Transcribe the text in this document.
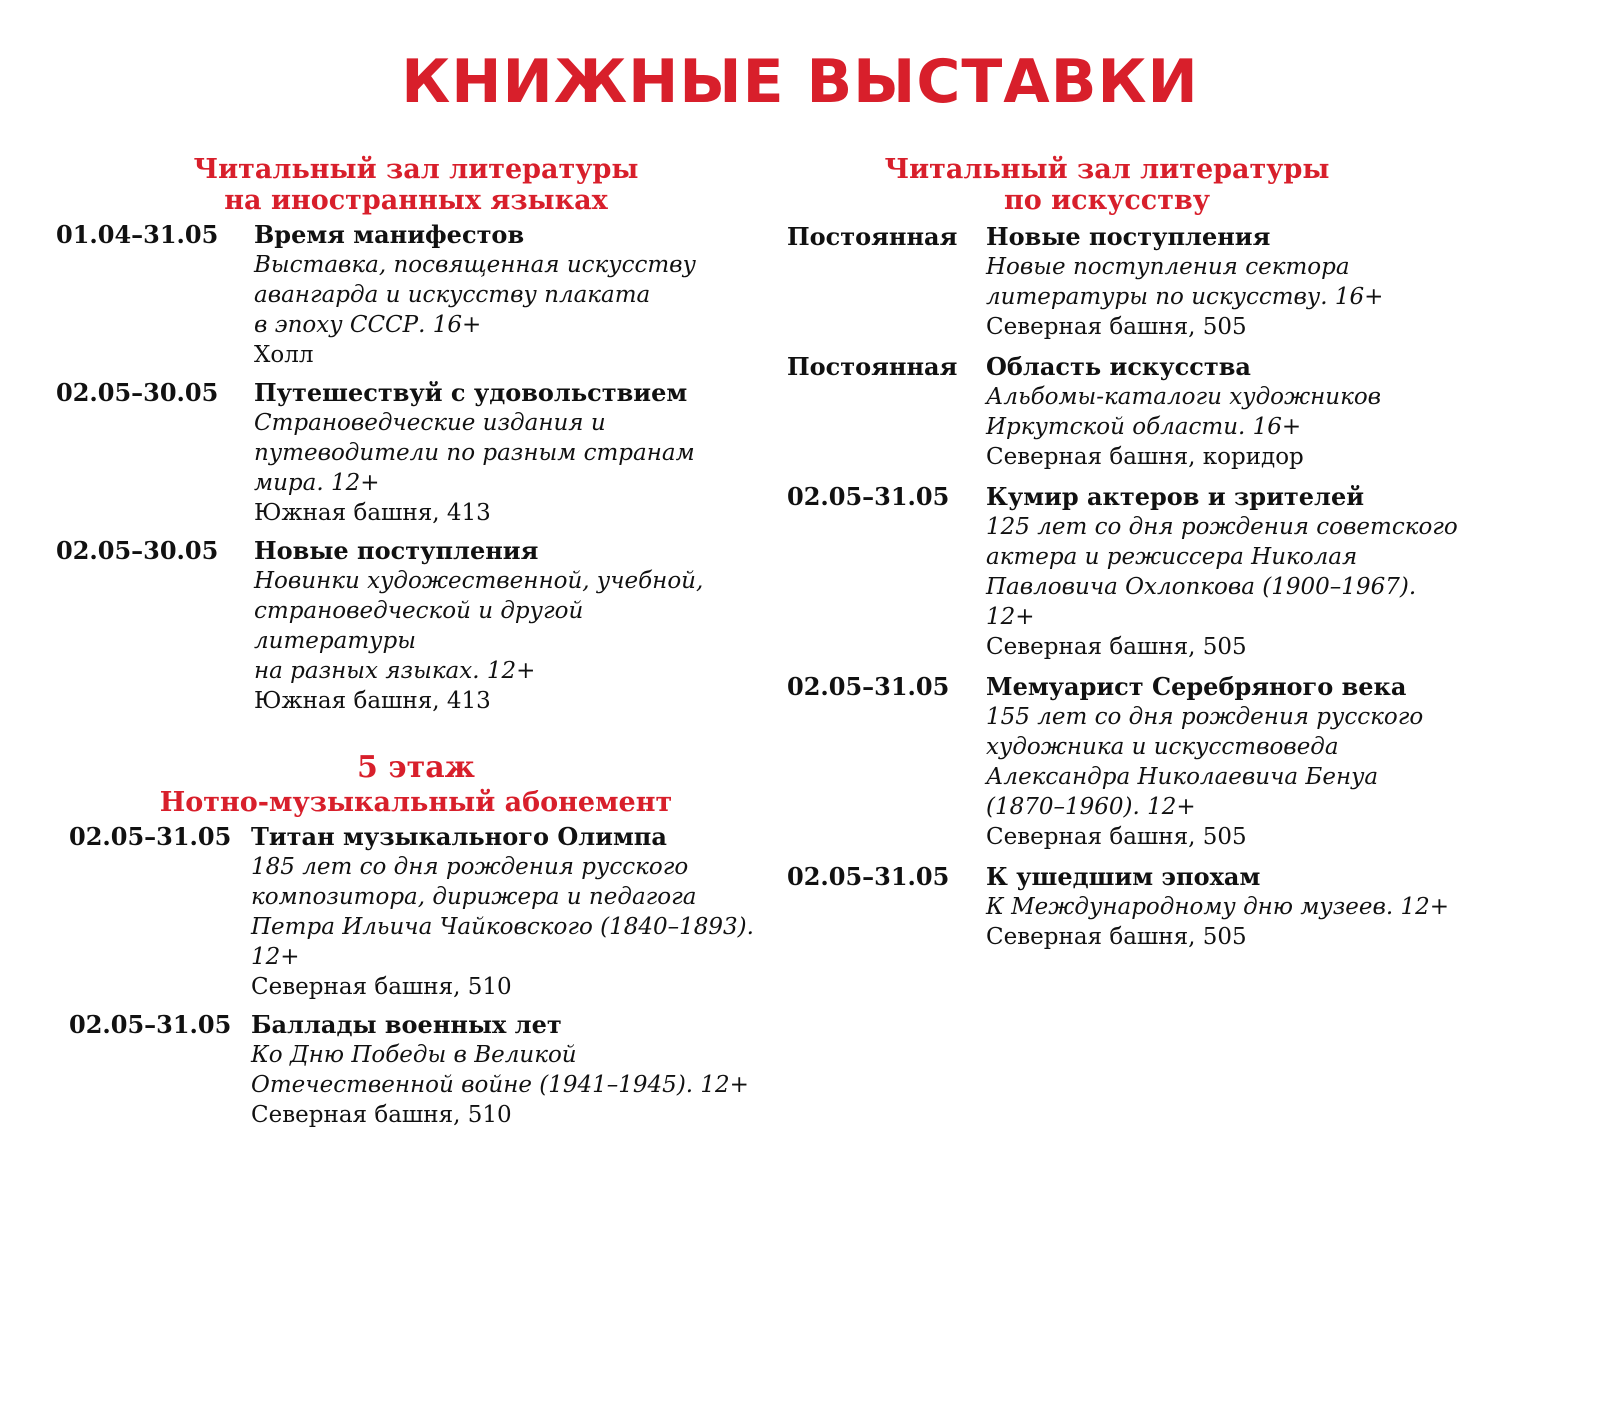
КНИЖНЫЕ ВЫСТАВКИ
Читальный зал литературы
на иностранных языках
01.04–31.05	Время манифестов
Выставка, посвященная искусству
авангарда и искусству плаката
в эпоху СССР. 16+
Холл
02.05–30.05	Путешествуй с удовольствием
Страноведческие издания и
путеводители по разным странам
мира. 12+
Южная башня, 413
02.05–30.05	Новые поступления
Новинки художественной, учебной,
страноведческой и другой
литературы
на разных языках. 12+
Южная башня, 413
5 этаж
Нотно-музыкальный абонемент
02.05–31.05 Титан музыкального Олимпа
185 лет со дня рождения русского
композитора, дирижера и педагога
Петра Ильича Чайковского (1840–1893).
12+
Северная башня, 510
02.05–31.05 Баллады военных лет
Ко Дню Победы в Великой
Отечественной войне (1941–1945). 12+
Северная башня, 510
Читальный зал литературы
по искусству
Постоянная	Новые поступления
Новые поступления сектора
литературы по искусству. 16+
Северная башня, 505
Постоянная	Область искусства
Альбомы-каталоги художников
Иркутской области. 16+
Северная башня, коридор
02.05–31.05	Кумир актеров и зрителей
125 лет со дня рождения советского
актера и режиссера Николая
Павловича Охлопкова (1900–1967).
12+
Северная башня, 505
02.05–31.05	Мемуарист Серебряного века
155 лет со дня рождения русского
художника и искусствоведа
Александра Николаевича Бенуа
(1870–1960). 12+
Северная башня, 505
02.05–31.05	К ушедшим эпохам
К Международному дню музеев. 12+
Северная башня, 505
